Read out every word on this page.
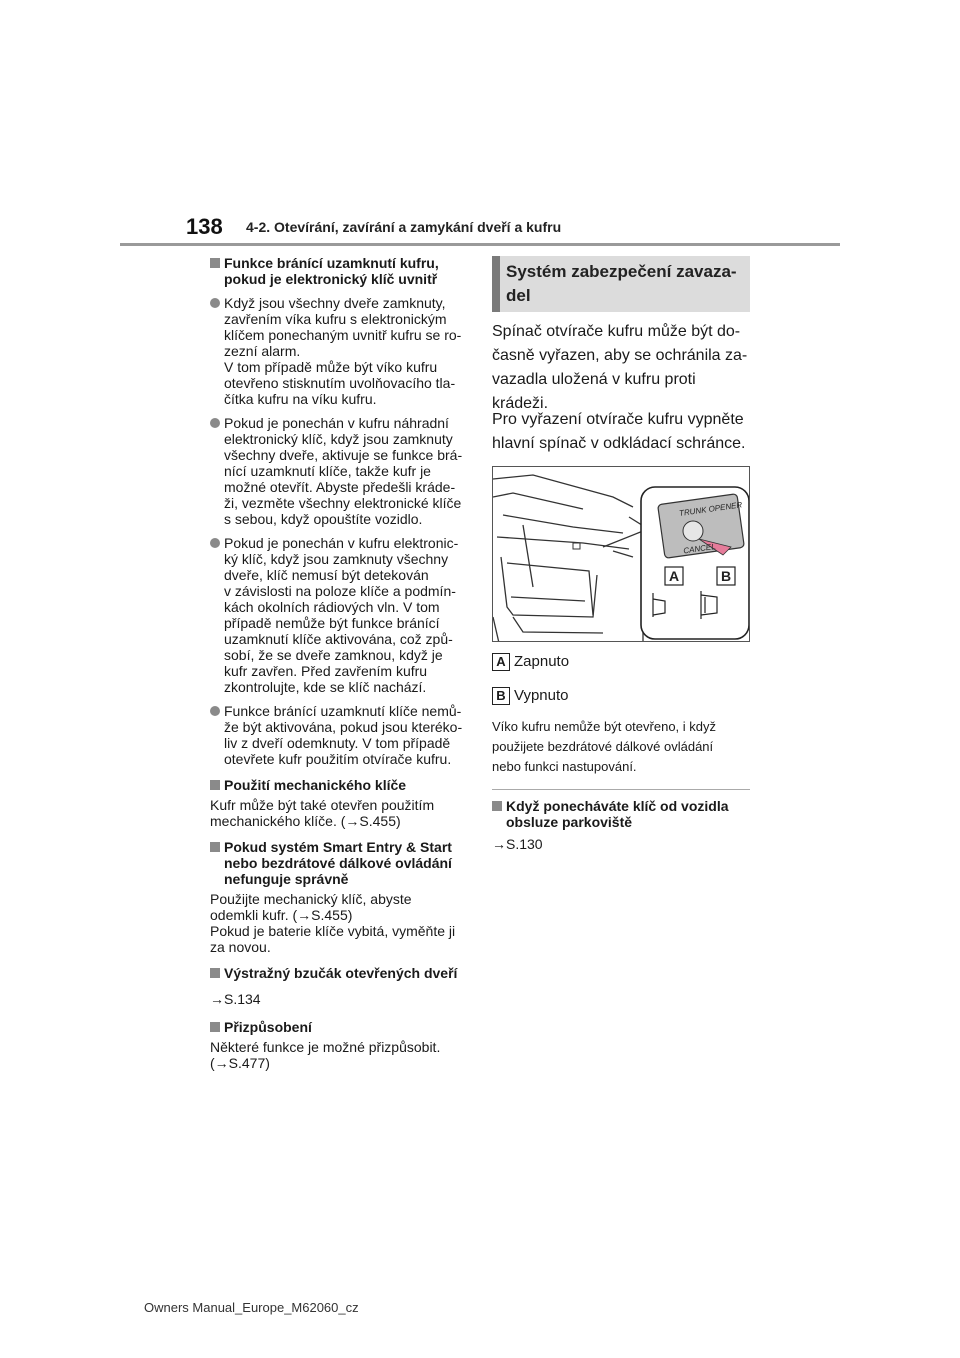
138 4-2. Otevírání, zavírání a zamykání dveří a kufru
Funkce bránící uzamknutí kufru,
pokud je elektronický klíč uvnitř
Když jsou všechny dveře zamknuty,
zavřením víka kufru s elektronickým
klíčem ponechaným uvnitř kufru se ro-
zezní alarm.
V tom případě může být víko kufru
otevřeno stisknutím uvolňovacího tla-
čítka kufru na víku kufru.
Pokud je ponechán v kufru náhradní
elektronický klíč, když jsou zamknuty
všechny dveře, aktivuje se funkce brá-
nící uzamknutí klíče, takže kufr je
možné otevřít. Abyste předešli kráde-
ži, vezměte všechny elektronické klíče
s sebou, když opouštíte vozidlo.
Pokud je ponechán v kufru elektronic-
ký klíč, když jsou zamknuty všechny
dveře, klíč nemusí být detekován
v závislosti na poloze klíče a podmín-
kách okolních rádiových vln. V tom
případě nemůže být funkce bránící
uzamknutí klíče aktivována, což způ-
sobí, že se dveře zamknou, když je
kufr zavřen. Před zavřením kufru
zkontrolujte, kde se klíč nachází.
Funkce bránící uzamknutí klíče nemů-
že být aktivována, pokud jsou kteréko-
liv z dveří odemknuty. V tom případě
otevřete kufr použitím otvírače kufru.
Použití mechanického klíče
Kufr může být také otevřen použitím
mechanického klíče. (→S.455)
Pokud systém Smart Entry & Start
nebo bezdrátové dálkové ovládání
nefunguje správně
Použijte mechanický klíč, abyste
odemkli kufr. (→S.455)
Pokud je baterie klíče vybitá, vyměňte ji
za novou.
Výstražný bzučák otevřených dveří
→S.134
Přizpůsobení
Některé funkce je možné přizpůsobit.
(→S.477)
Systém zabezpečení zavaza-
del
Spínač otvírače kufru může být do-
časně vyřazen, aby se ochránila za-
vazadla uložená v kufru proti
krádeži.
Pro vyřazení otvírače kufru vypněte
hlavní spínač v odkládací schránce.
TRUNK OPENER
CANCEL
A	B
A Zapnuto
B Vypnuto
Víko kufru nemůže být otevřeno, i když
použijete bezdrátové dálkové ovládání
nebo funkci nastupování.
Když ponecháváte klíč od vozidla
obsluze parkoviště
→S.130
Owners Manual_Europe_M62060_cz
